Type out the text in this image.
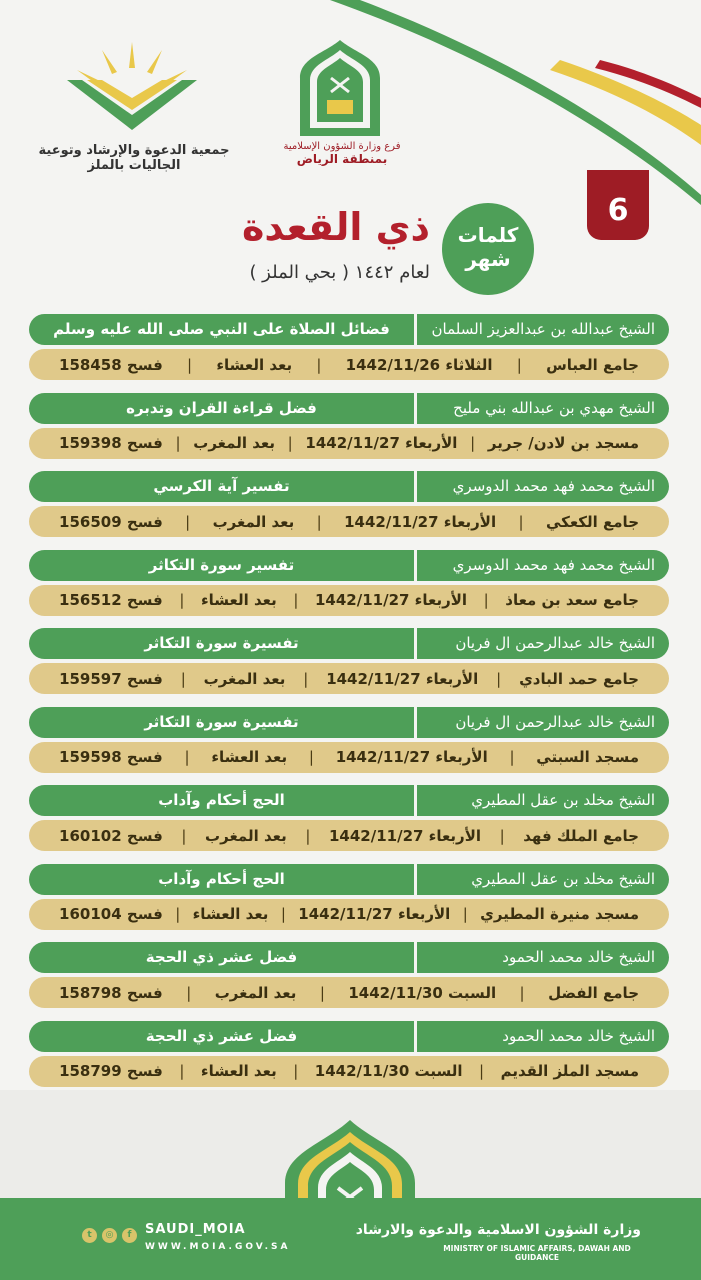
جمعية الدعوة والإرشاد وتوعية الجاليات بالملز
فرع وزارة الشؤون الإسلامية
بمنطقة الرياض
6
كلمات
شهر
ذي القعدة
لعام ١٤٤٢ ( بحي الملز )
الشيخ عبدالله بن عبدالعزيز السلمان
فضائل الصلاة على النبي صلى الله عليه وسلم
جامع العباس
|
الثلاثاء 1442/11/26
|
بعد العشاء
|
فسح 158458
الشيخ مهدي بن عبدالله بني مليح
فضل قراءة القران وتدبره
مسجد بن لادن/ جرير
|
الأربعاء 1442/11/27
|
بعد المغرب
|
فسح 159398
الشيخ محمد فهد محمد الدوسري
تفسير آية الكرسي
جامع الكعكي
|
الأربعاء 1442/11/27
|
بعد المغرب
|
فسح 156509
الشيخ محمد فهد محمد الدوسري
تفسير سورة التكاثر
جامع سعد بن معاذ
|
الأربعاء 1442/11/27
|
بعد العشاء
|
فسح 156512
الشيخ خالد عبدالرحمن ال فريان
تفسيرة سورة التكاثر
جامع حمد البادي
|
الأربعاء 1442/11/27
|
بعد المغرب
|
فسح 159597
الشيخ خالد عبدالرحمن ال فريان
تفسيرة سورة التكاثر
مسجد السبتي
|
الأربعاء 1442/11/27
|
بعد العشاء
|
فسح 159598
الشيخ مخلد بن عقل المطيري
الحج أحكام وآداب
جامع الملك فهد
|
الأربعاء 1442/11/27
|
بعد المغرب
|
فسح 160102
الشيخ مخلد بن عقل المطيري
الحج أحكام وآداب
مسجد منيرة المطيري
|
الأربعاء 1442/11/27
|
بعد العشاء
|
فسح 160104
الشيخ خالد محمد الحمود
فضل عشر ذي الحجة
جامع الفضل
|
السبت 1442/11/30
|
بعد المغرب
|
فسح 158798
الشيخ خالد محمد الحمود
فضل عشر ذي الحجة
مسجد الملز القديم
|
السبت 1442/11/30
|
بعد العشاء
|
فسح 158799
t	◎	f	SAUDI_MOIA
WWW.MOIA.GOV.SA
وزارة الشؤون الاسلامية والدعوة والارشاد
MINISTRY OF ISLAMIC AFFAIRS, DAWAH AND GUIDANCE
